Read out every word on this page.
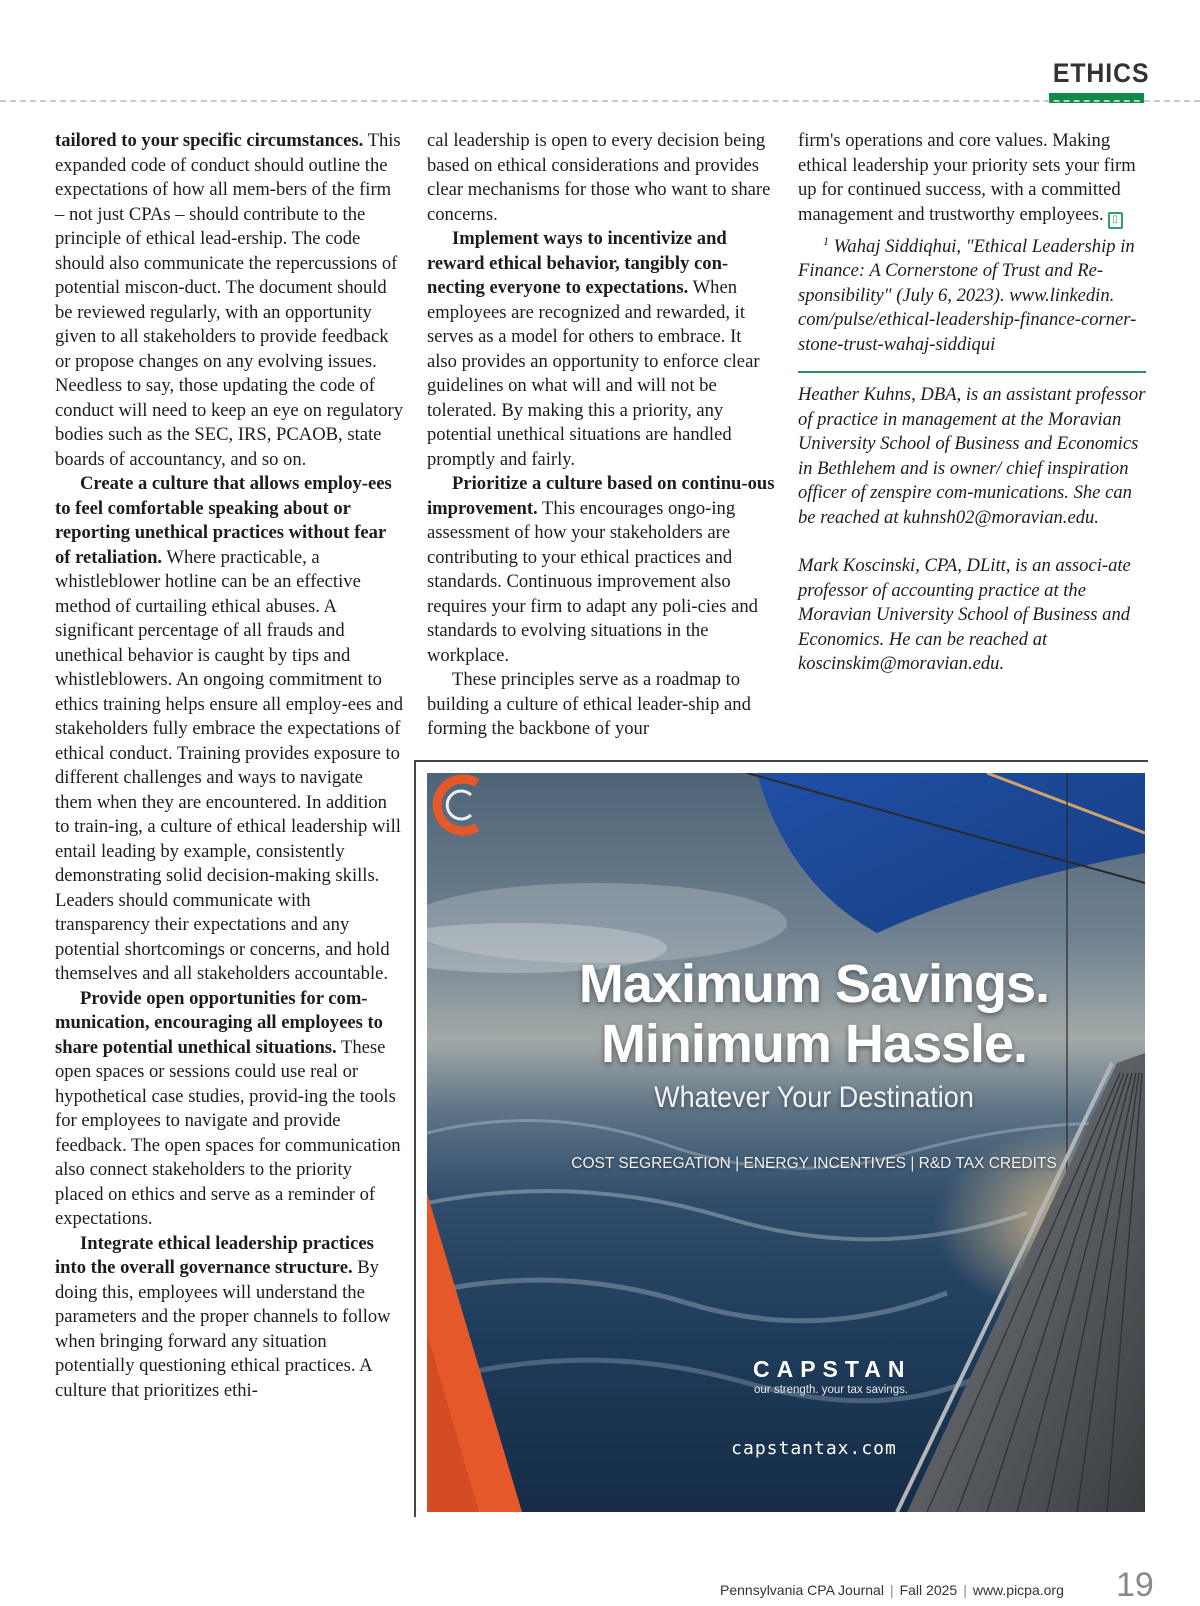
ETHICS

tailored to your specific circumstances. This expanded code of conduct should outline the expectations of how all mem-bers of the firm – not just CPAs – should contribute to the principle of ethical lead-ership. The code should also communicate the repercussions of potential miscon-duct. The document should be reviewed regularly, with an opportunity given to all stakeholders to provide feedback or propose changes on any evolving issues. Needless to say, those updating the code of conduct will need to keep an eye on regulatory bodies such as the SEC, IRS, PCAOB, state boards of accountancy, and so on.

Create a culture that allows employ-ees to feel comfortable speaking about or reporting unethical practices without fear of retaliation. Where practicable, a whistleblower hotline can be an effective method of curtailing ethical abuses. A significant percentage of all frauds and unethical behavior is caught by tips and whistleblowers. An ongoing commitment to ethics training helps ensure all employ-ees and stakeholders fully embrace the expectations of ethical conduct. Training provides exposure to different challenges and ways to navigate them when they are encountered. In addition to train-ing, a culture of ethical leadership will entail leading by example, consistently demonstrating solid decision-making skills. Leaders should communicate with transparency their expectations and any potential shortcomings or concerns, and hold themselves and all stakeholders accountable.

Provide open opportunities for com-munication, encouraging all employees to share potential unethical situations. These open spaces or sessions could use real or hypothetical case studies, provid-ing the tools for employees to navigate and provide feedback. The open spaces for communication also connect stakeholders to the priority placed on ethics and serve as a reminder of expectations.

Integrate ethical leadership practices into the overall governance structure. By doing this, employees will understand the parameters and the proper channels to follow when bringing forward any situation potentially questioning ethical practices. A culture that prioritizes ethi-

cal leadership is open to every decision being based on ethical considerations and provides clear mechanisms for those who want to share concerns.

Implement ways to incentivize and reward ethical behavior, tangibly con-necting everyone to expectations. When employees are recognized and rewarded, it serves as a model for others to embrace. It also provides an opportunity to enforce clear guidelines on what will and will not be tolerated. By making this a priority, any potential unethical situations are handled promptly and fairly.

Prioritize a culture based on continu-ous improvement. This encourages ongo-ing assessment of how your stakeholders are contributing to your ethical practices and standards. Continuous improvement also requires your firm to adapt any poli-cies and standards to evolving situations in the workplace.

These principles serve as a roadmap to building a culture of ethical leader-ship and forming the backbone of your

firm's operations and core values. Making ethical leadership your priority sets your firm up for continued success, with a committed management and trustworthy employees. ▯

$^1$ Wahaj Siddiqhui, "Ethical Leadership in Finance: A Cornerstone of Trust and Re-sponsibility" (July 6, 2023). www.linkedin. com/pulse/ethical-leadership-finance-corner-stone-trust-wahaj-siddiqui

Heather Kuhns, DBA, is an assistant professor of practice in management at the Moravian University School of Business and Economics in Bethlehem and is owner/ chief inspiration officer of zenspire com-munications. She can be reached at kuhnsh02@moravian.edu.

Mark Koscinski, CPA, DLitt, is an associ-ate professor of accounting practice at the Moravian University School of Business and Economics. He can be reached at koscinskim@moravian.edu.

Maximum Savings.
Minimum Hassle.
Whatever Your Destination
COST SEGREGATION | ENERGY INCENTIVES | R&D TAX CREDITS
CAPSTAN
our strength. your tax savings.
capstantax.com
Pennsylvania CPA Journal | Fall 2025 | www.picpa.org	19
